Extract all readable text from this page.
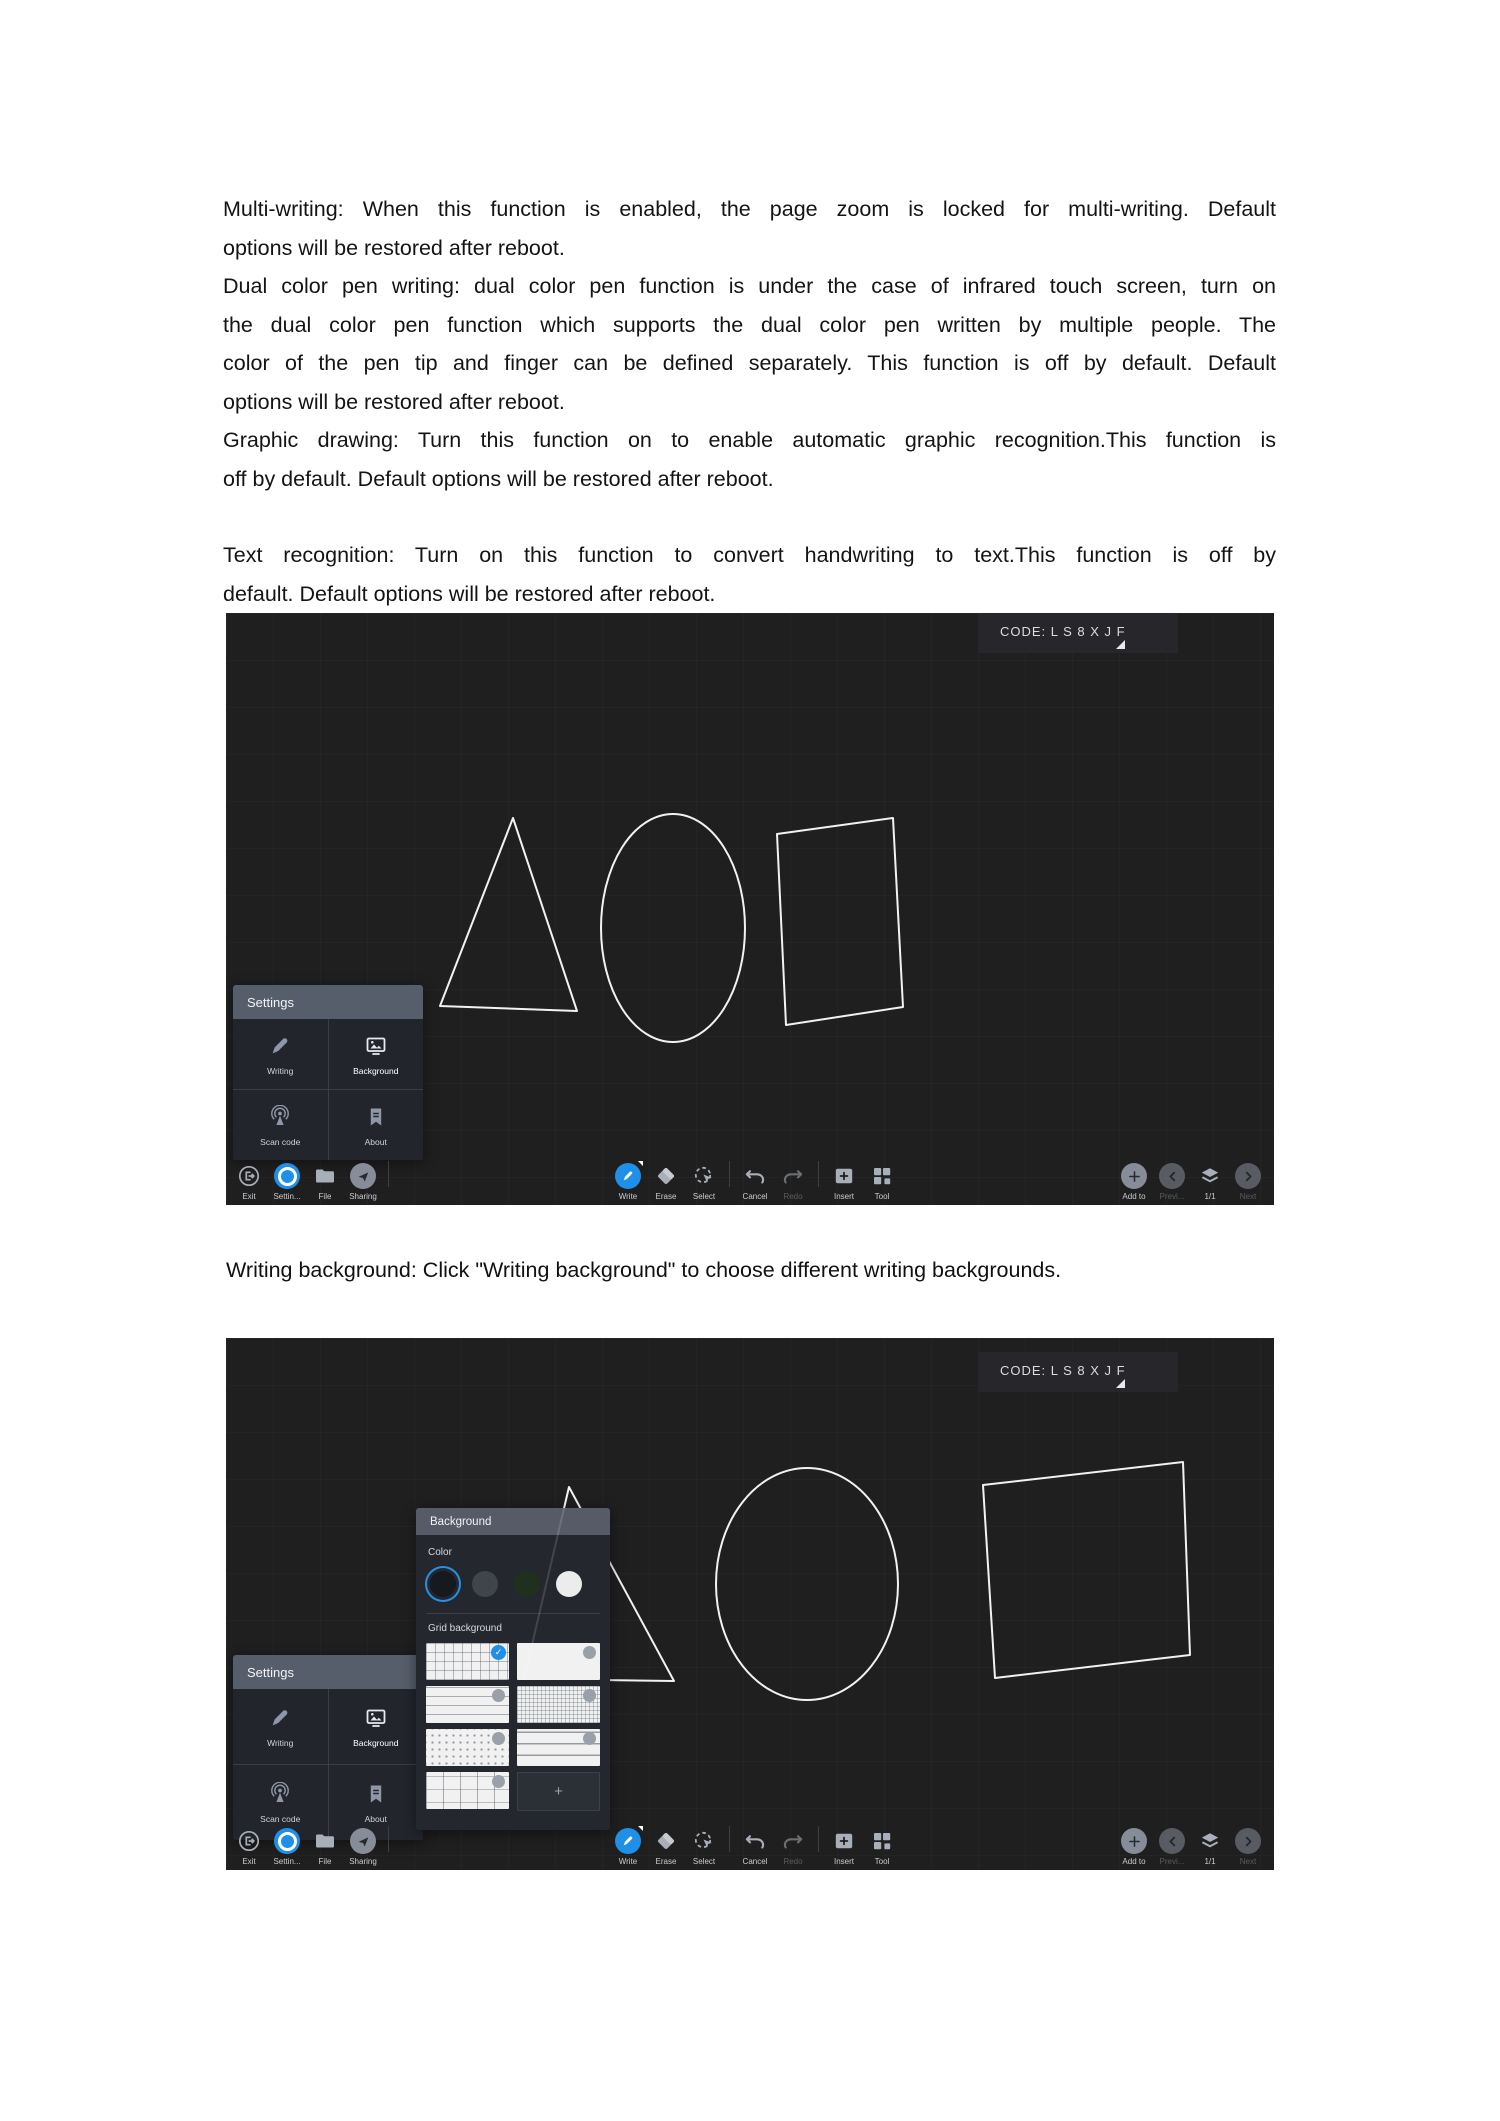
Multi-writing: When this function is enabled, the page zoom is locked for multi-writing. Default
options will be restored after reboot.
Dual color pen writing: dual color pen function is under the case of infrared touch screen, turn on
the dual color pen function which supports the dual color pen written by multiple people. The
color of the pen tip and finger can be defined separately. This function is off by default. Default
options will be restored after reboot.
Graphic drawing: Turn this function on to enable automatic graphic recognition.This function is
off by default. Default options will be restored after reboot.
Text recognition: Turn on this function to convert handwriting to text.This function is off by
default. Default options will be restored after reboot.
CODE: L S 8 X J F
Settings
Writing	Background
Scan code	About
Exit Settin... File Sharing	Write Erase Select	Cancel Redo	Insert	Tool	Add to Previ... 1/1	Next
Writing background: Click "Writing background" to choose different writing backgrounds.
CODE: L S 8 X J F
Settings
Writing	Background
Scan code	About
Background
Color
Grid background
✓
+
Exit Settin... File Sharing	Write Erase Select	Cancel Redo	Insert	Tool	Add to Previ... 1/1	Next
